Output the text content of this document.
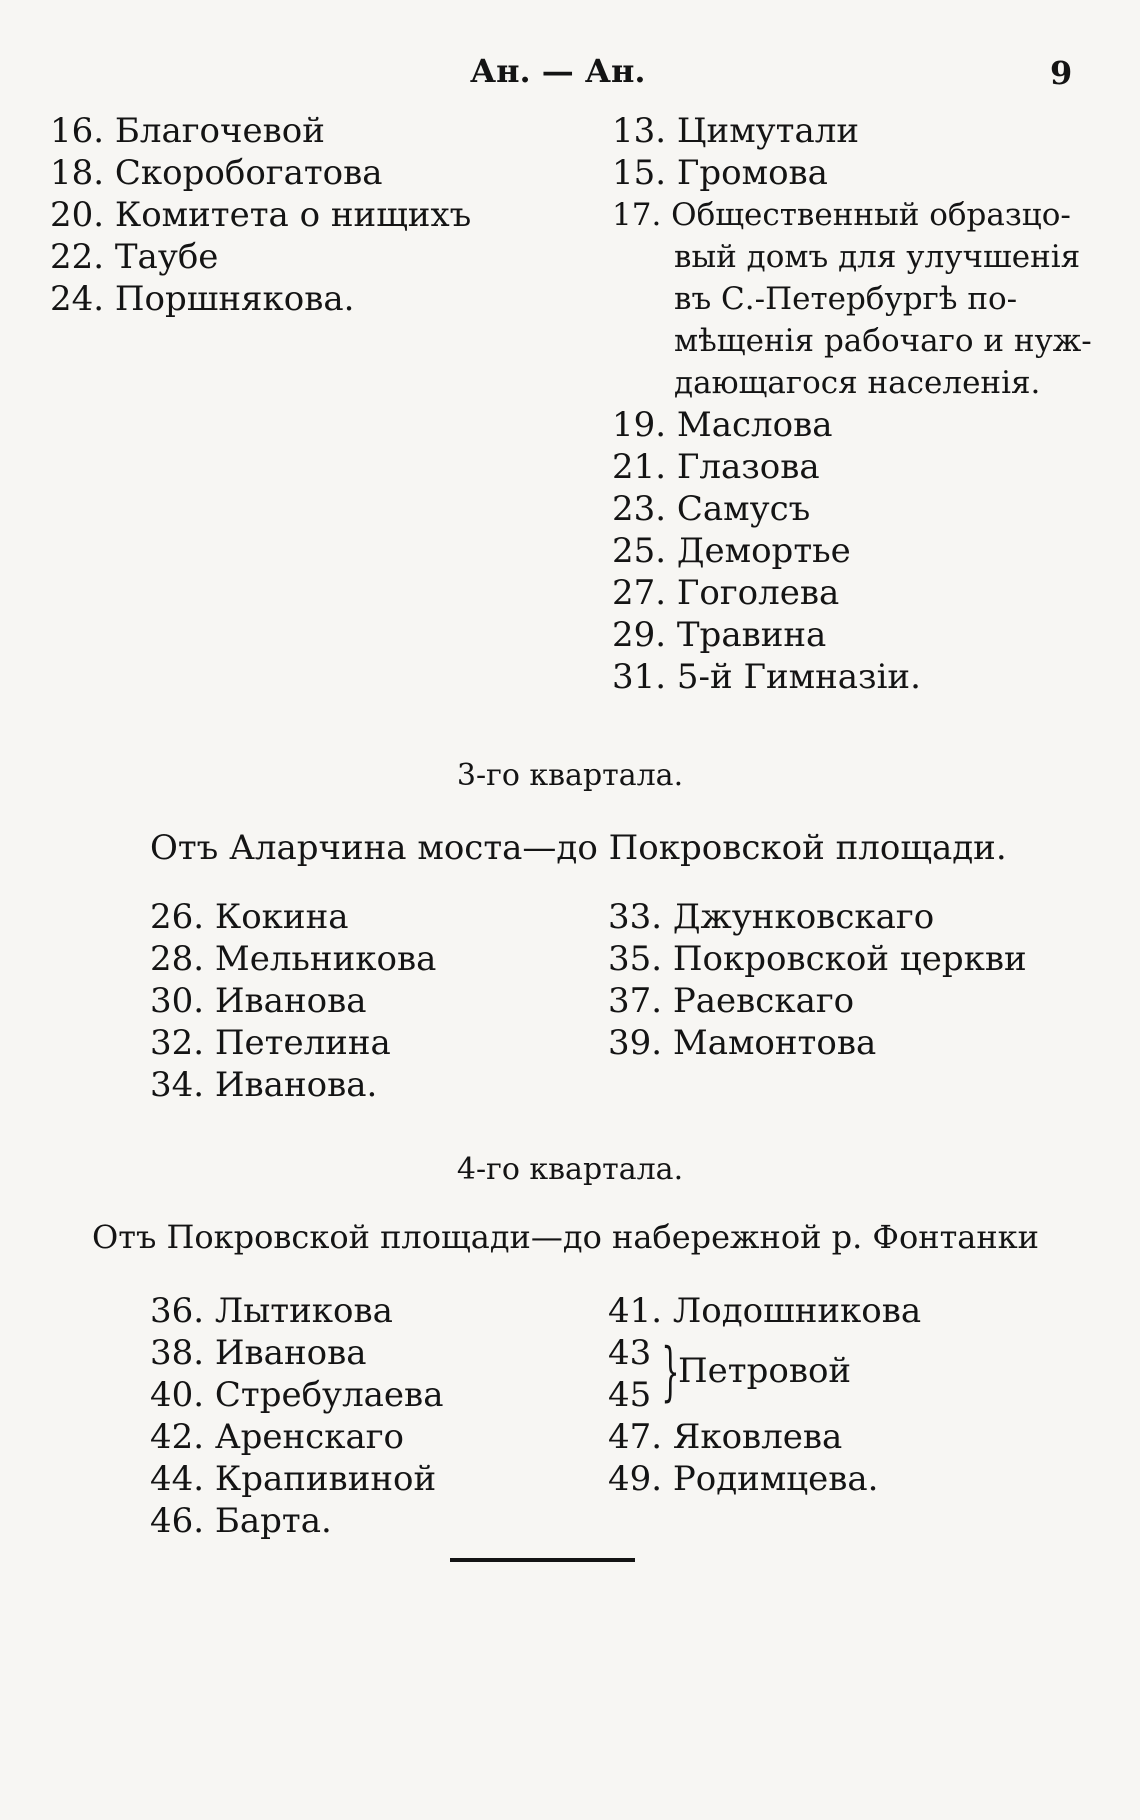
Ан. — Ан.	9
16. Благочевой
18. Скоробогатова
20. Комитета о нищихъ
22. Таубе
24. Поршнякова.
13. Цимутали
15. Громова
17. Общественный образцо-
вый домъ для улучшенія
въ С.-Петербургѣ по-
мѣщенія рабочаго и нуж-
дающагося населенія.
19. Маслова
21. Глазова
23. Самусъ
25. Демортье
27. Гоголева
29. Травина
31. 5-й Гимназіи.
3-го квартала.
Отъ Аларчина моста—до Покровской площади.
26. Кокина
28. Мельникова
30. Иванова
32. Петелина
34. Иванова.
33. Джунковскаго
35. Покровской церкви
37. Раевскаго
39. Мамонтова
4-го квартала.
Отъ Покровской площади—до набережной р. Фонтанки
36. Лытикова
38. Иванова
40. Стребулаева
42. Аренскаго
44. Крапивиной
46. Барта.
41. Лодошникова
43
45 }
Петровой
47. Яковлева
49. Родимцева.
